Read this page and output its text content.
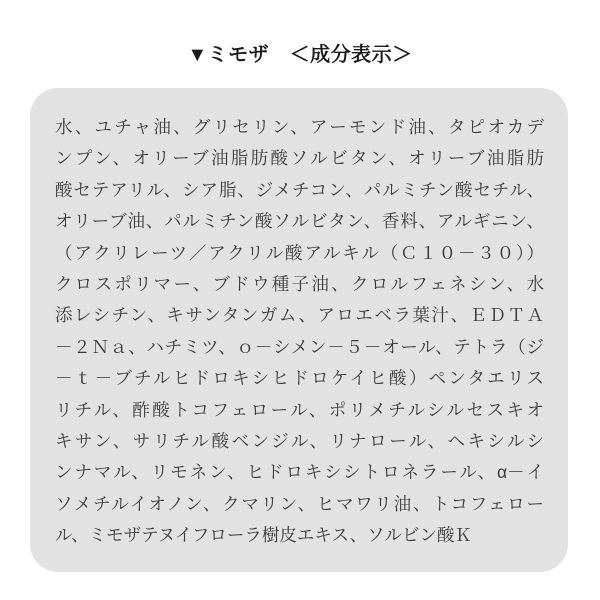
▼ミモザ　＜成分表示＞
水、ユチャ油、グリセリン、アーモンド油、タピオカデ
ンプン、オリーブ油脂肪酸ソルビタン、オリーブ油脂肪
酸セテアリル、シア脂、ジメチコン、パルミチン酸セチル、
オリーブ油、パルミチン酸ソルビタン、香料、アルギニン、
（アクリレーツ／アクリル酸アルキル（Ｃ１０－３０））
クロスポリマー、ブドウ種子油、クロルフェネシン、水
添レシチン、キサンタンガム、アロエベラ葉汁、ＥＤＴＡ
－２Ｎａ、ハチミツ、ｏ－シメン－５－オール、テトラ（ジ
－ｔ－ブチルヒドロキシヒドロケイヒ酸）ペンタエリス
リチル、酢酸トコフェロール、ポリメチルシルセスキオ
キサン、サリチル酸ベンジル、リナロール、ヘキシルシ
ンナマル、リモネン、ヒドロキシシトロネラール、α－イ
ソメチルイオノン、クマリン、ヒマワリ油、トコフェロー
ル、ミモザテヌイフローラ樹皮エキス、ソルビン酸Ｋ
